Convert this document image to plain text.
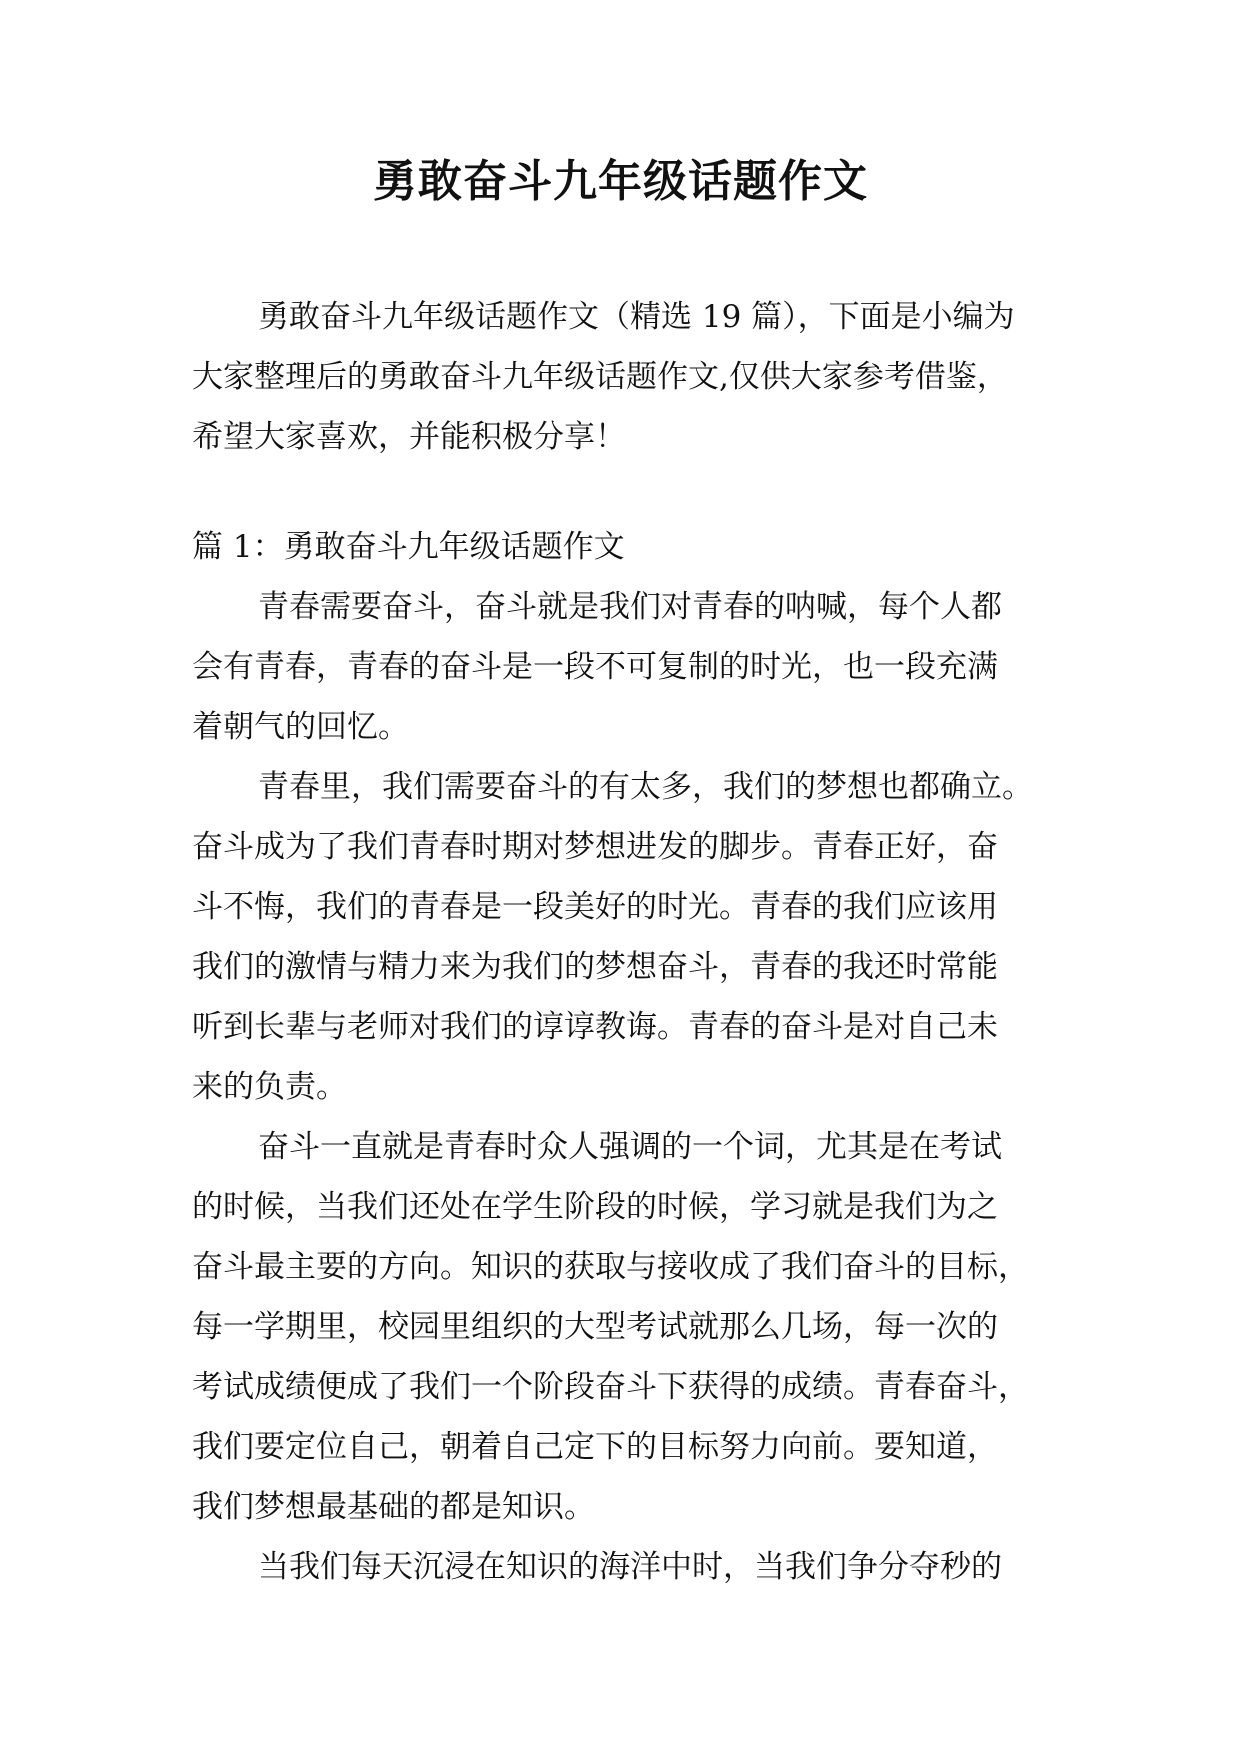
勇敢奋斗九年级话题作文
勇敢奋斗九年级话题作文（精选 19 篇），下面是小编为
大家整理后的勇敢奋斗九年级话题作文,仅供大家参考借鉴，
希望大家喜欢，并能积极分享！
篇 1：勇敢奋斗九年级话题作文
青春需要奋斗，奋斗就是我们对青春的呐喊，每个人都
会有青春，青春的奋斗是一段不可复制的时光，也一段充满
着朝气的回忆。
青春里，我们需要奋斗的有太多，我们的梦想也都确立。
奋斗成为了我们青春时期对梦想进发的脚步。青春正好，奋
斗不悔，我们的青春是一段美好的时光。青春的我们应该用
我们的激情与精力来为我们的梦想奋斗，青春的我还时常能
听到长辈与老师对我们的谆谆教诲。青春的奋斗是对自己未
来的负责。
奋斗一直就是青春时众人强调的一个词，尤其是在考试
的时候，当我们还处在学生阶段的时候，学习就是我们为之
奋斗最主要的方向。知识的获取与接收成了我们奋斗的目标，
每一学期里，校园里组织的大型考试就那么几场，每一次的
考试成绩便成了我们一个阶段奋斗下获得的成绩。青春奋斗，
我们要定位自己，朝着自己定下的目标努力向前。要知道，
我们梦想最基础的都是知识。
当我们每天沉浸在知识的海洋中时，当我们争分夺秒的
